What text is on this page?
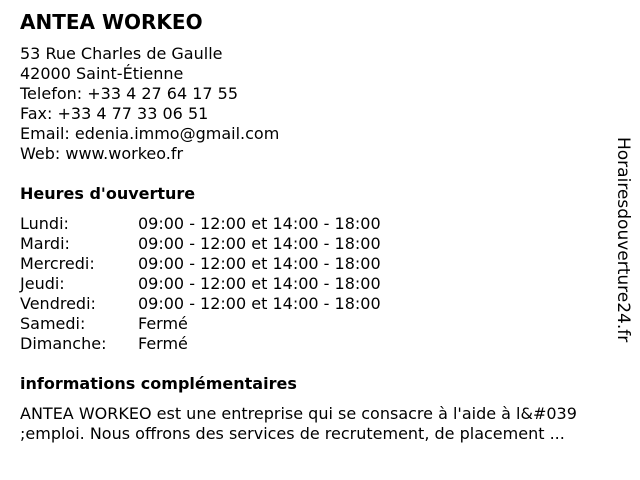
ANTEA WORKEO
53 Rue Charles de Gaulle
42000 Saint-Étienne
Telefon: +33 4 27 64 17 55
Fax: +33 4 77 33 06 51
Email: edenia.immo@gmail.com
Web: www.workeo.fr
Heures d'ouverture
Lundi:	09:00 - 12:00 et 14:00 - 18:00
Mardi:	09:00 - 12:00 et 14:00 - 18:00
Mercredi:	09:00 - 12:00 et 14:00 - 18:00
Jeudi:	09:00 - 12:00 et 14:00 - 18:00
Vendredi:	09:00 - 12:00 et 14:00 - 18:00
Samedi:	Fermé
Dimanche: Fermé
informations complémentaires
ANTEA WORKEO est une entreprise qui se consacre à l'aide à l&#039
;emploi. Nous offrons des services de recrutement, de placement ...
Horairesdouverture24.fr
